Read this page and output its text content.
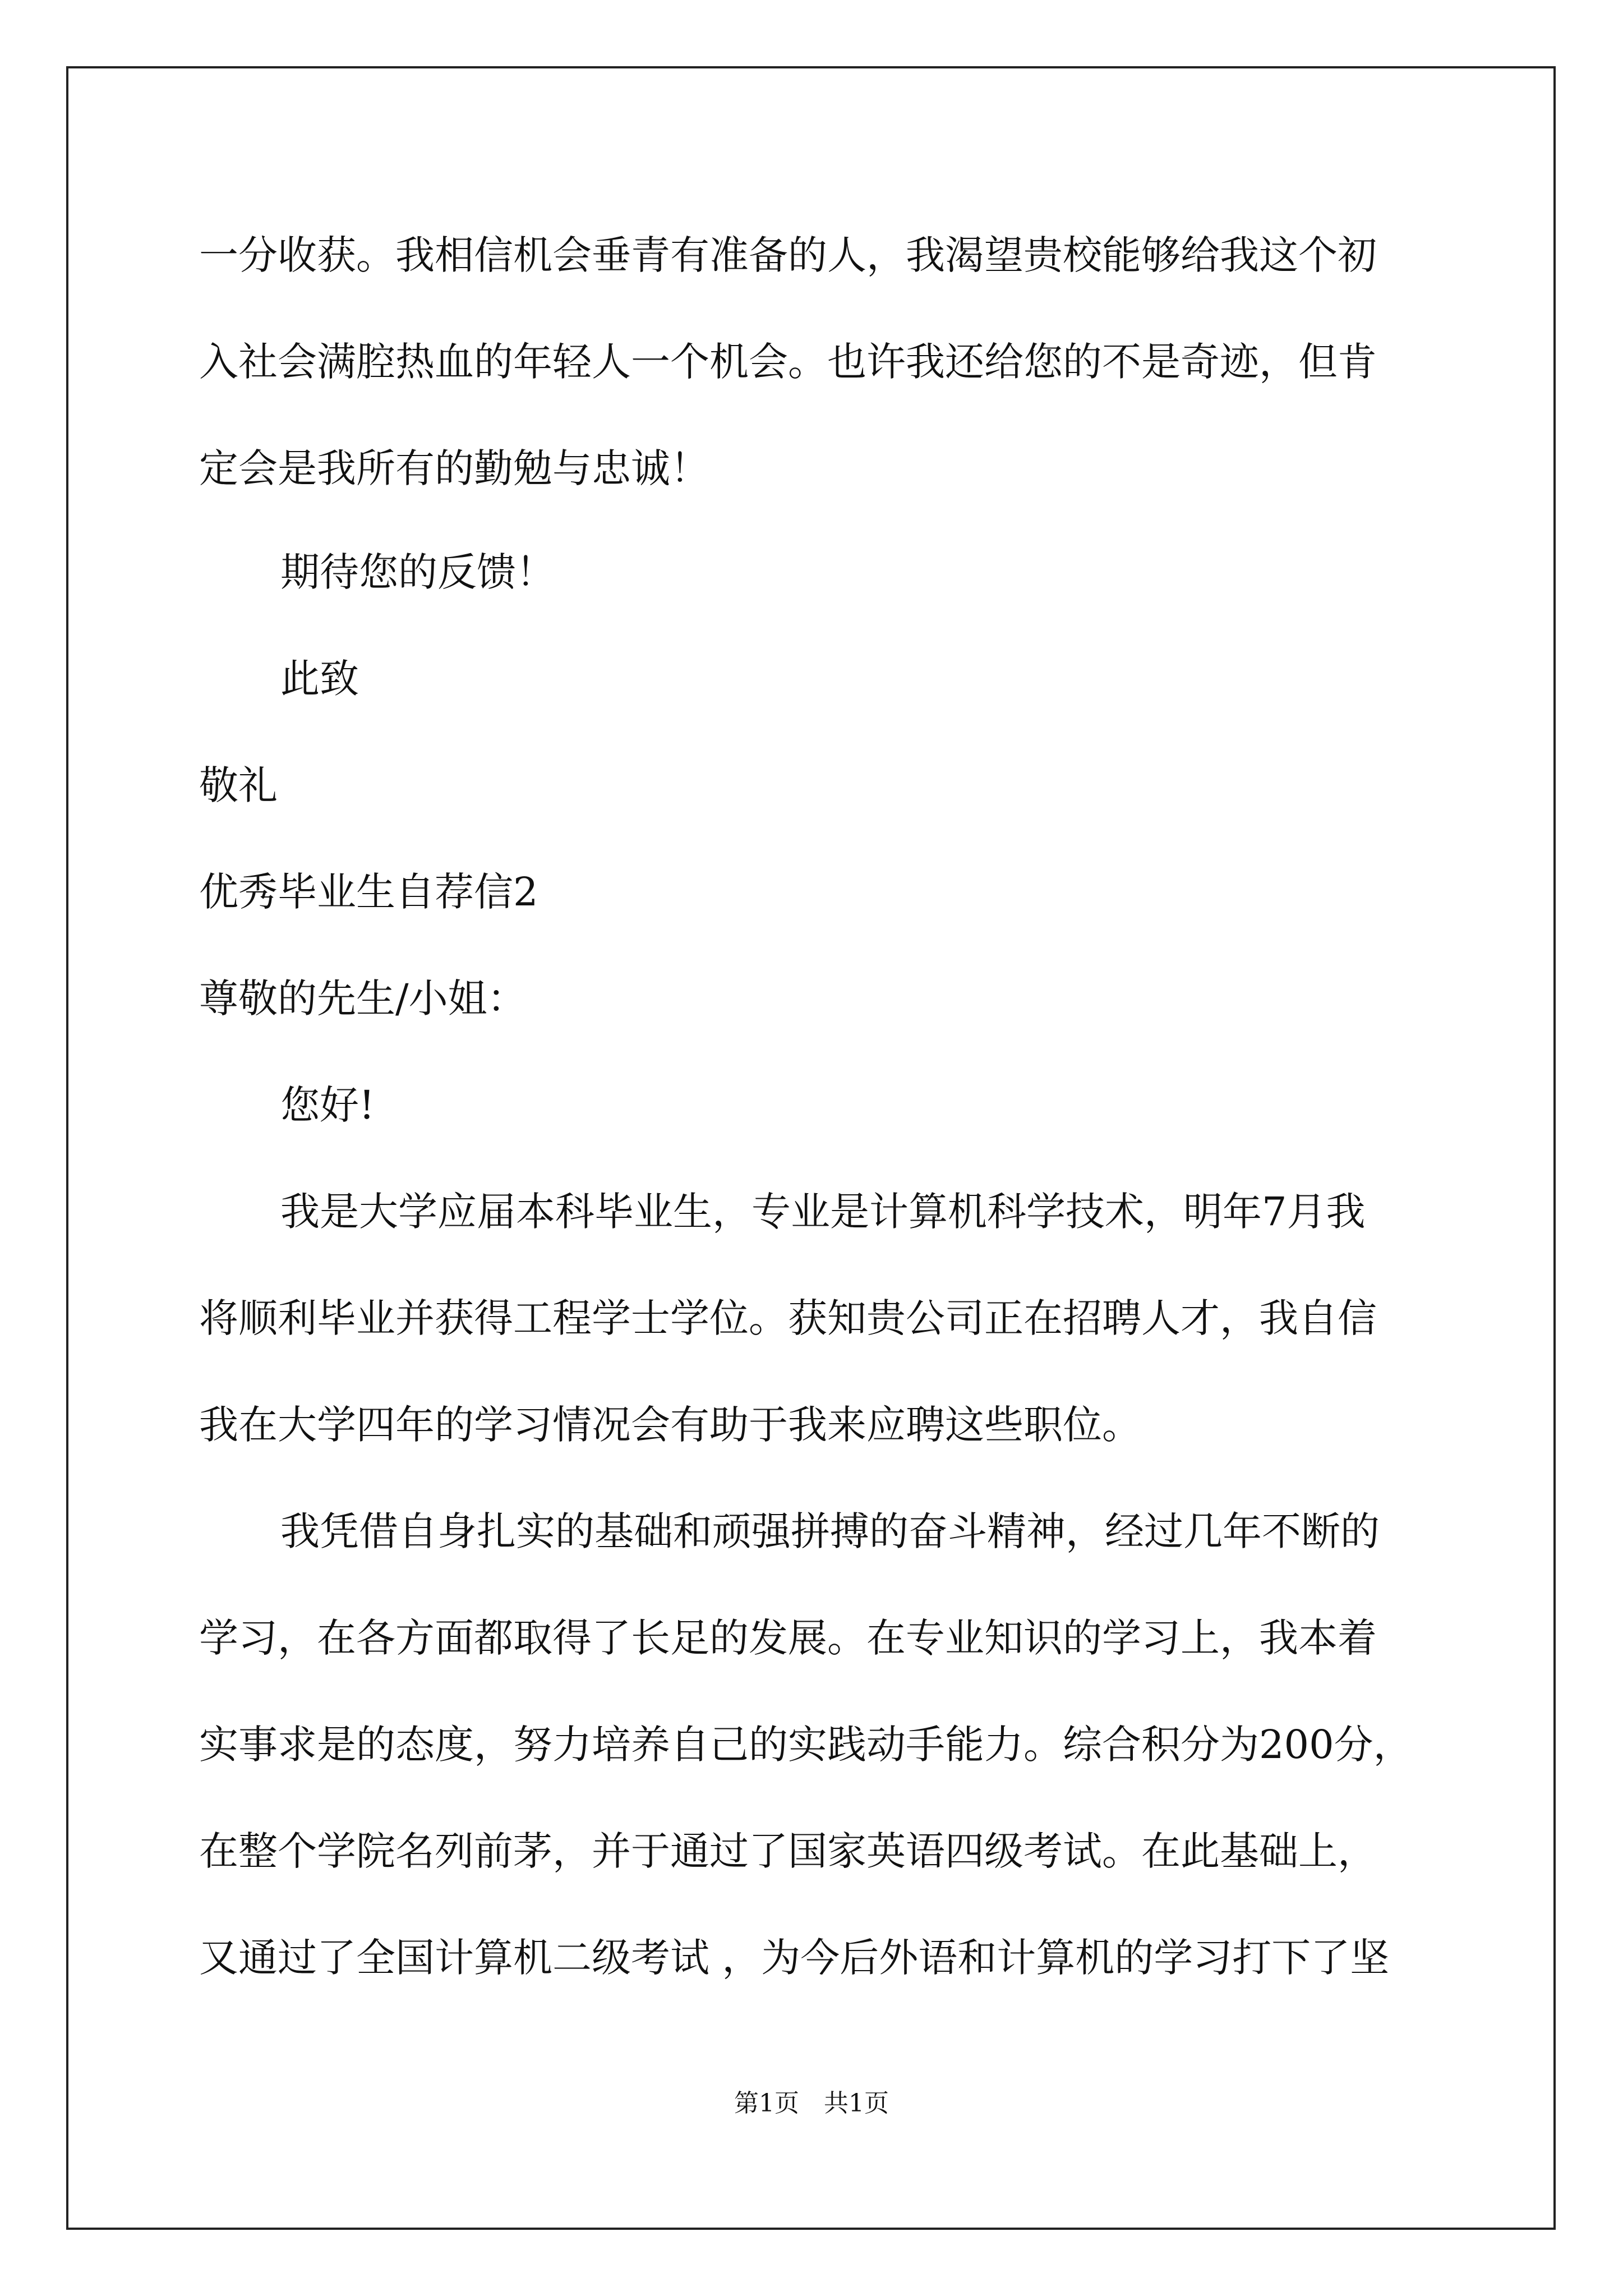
一分收获。我相信机会垂青有准备的人，我渴望贵校能够给我这个初
入社会满腔热血的年轻人一个机会。也许我还给您的不是奇迹，但肯
定会是我所有的勤勉与忠诚！
期待您的反馈！
此致
敬礼
优秀毕业生自荐信2
尊敬的先生/小姐：
您好!
我是大学应届本科毕业生，专业是计算机科学技术，明年7月我
将顺利毕业并获得工程学士学位。获知贵公司正在招聘人才，我自信
我在大学四年的学习情况会有助于我来应聘这些职位。
我凭借自身扎实的基础和顽强拼搏的奋斗精神，经过几年不断的
学习，在各方面都取得了长足的发展。在专业知识的学习上，我本着
实事求是的态度，努力培养自己的实践动手能力。综合积分为200分，
在整个学院名列前茅，并于通过了国家英语四级考试。在此基础上，
又通过了全国计算机二级考试 ，为今后外语和计算机的学习打下了坚
第1页　共1页
